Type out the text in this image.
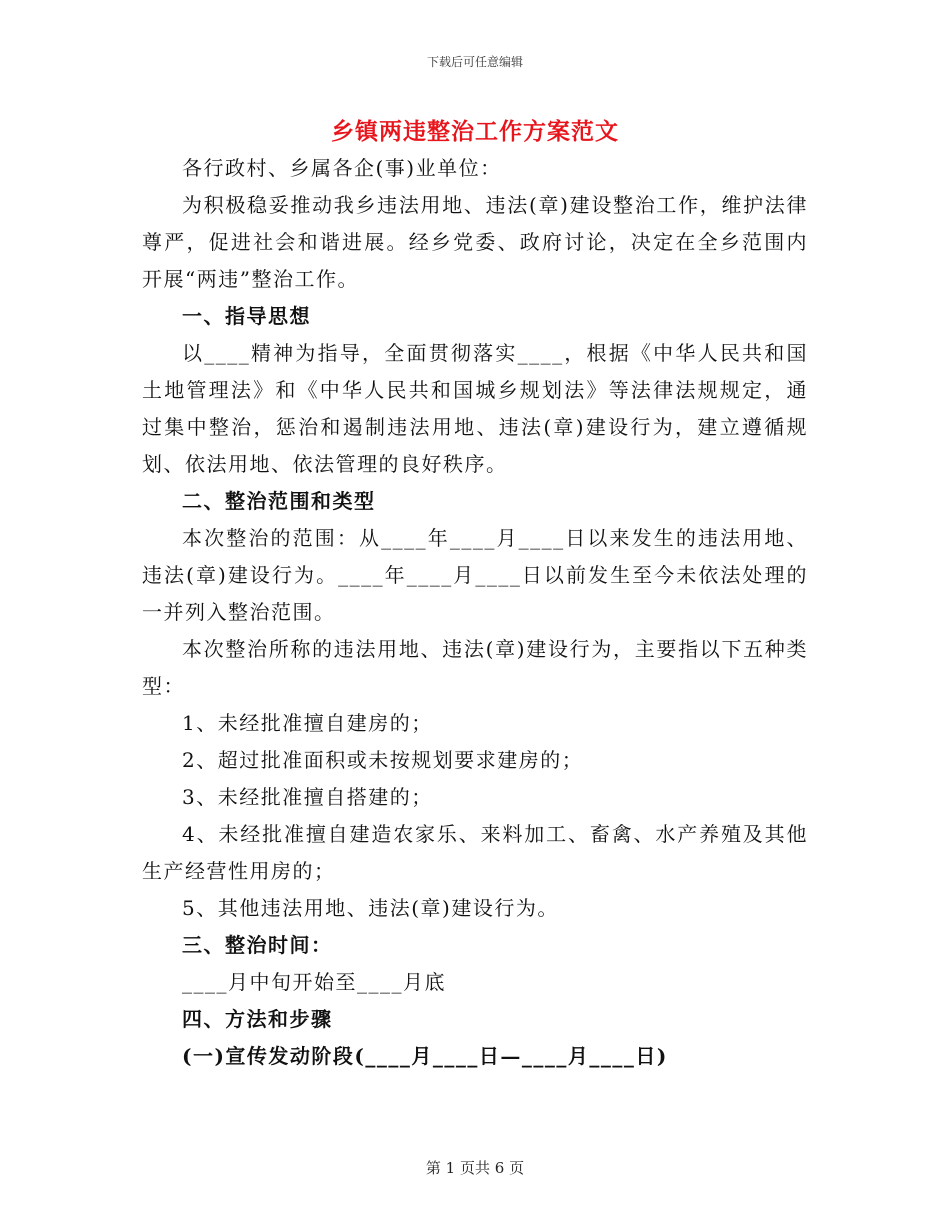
下载后可任意编辑
乡镇两违整治工作方案范文

各行政村、乡属各企(事)业单位：

为积极稳妥推动我乡违法用地、违法(章)建设整治工作，维护法律尊严，促进社会和谐进展。经乡党委、政府讨论，决定在全乡范围内开展“两违”整治工作。

一、指导思想

以____精神为指导，全面贯彻落实____，根据《中华人民共和国土地管理法》和《中华人民共和国城乡规划法》等法律法规规定，通过集中整治，惩治和遏制违法用地、违法(章)建设行为，建立遵循规划、依法用地、依法管理的良好秩序。

二、整治范围和类型

本次整治的范围：从____年____月____日以来发生的违法用地、违法(章)建设行为。____年____月____日以前发生至今未依法处理的一并列入整治范围。

本次整治所称的违法用地、违法(章)建设行为，主要指以下五种类型：

1、未经批准擅自建房的；

2、超过批准面积或未按规划要求建房的；

3、未经批准擅自搭建的；

4、未经批准擅自建造农家乐、来料加工、畜禽、水产养殖及其他生产经营性用房的；

5、其他违法用地、违法(章)建设行为。

三、整治时间：

____月中旬开始至____月底

四、方法和步骤

(一)宣传发动阶段(____月____日—____月____日)

第 1 页共 6 页
